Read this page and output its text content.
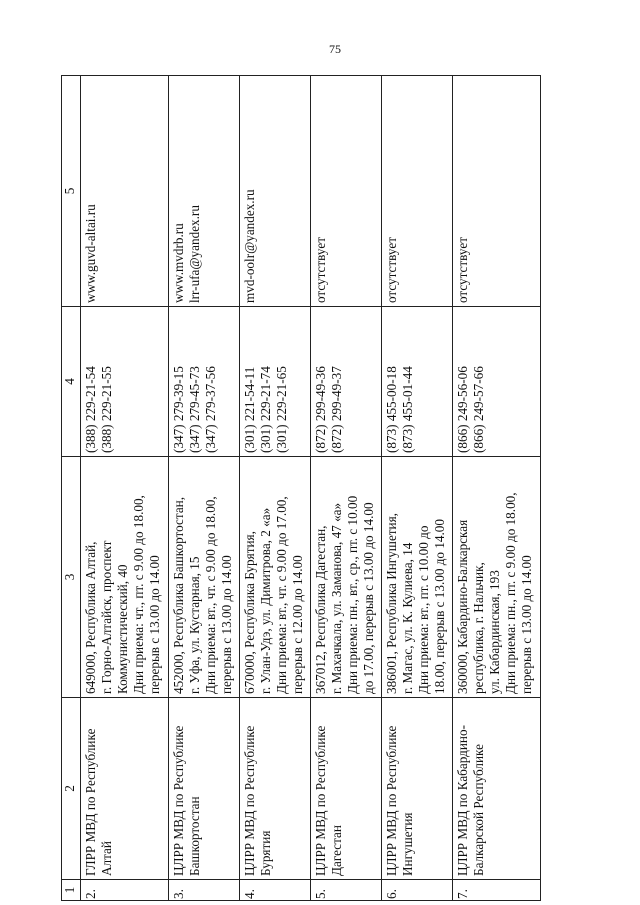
75
1	2	3	4	5

2.	ГЛРР МВД по Республике Алтай	649000, Республика Алтай, г. Горно-Алтайск, проспект Коммунистический, 40 Дни приема: чт., пт. с 9.00 до 18.00, перерыв с 13.00 до 14.00	(388) 229-21-54 (388) 229-21-55	www.guvd-altai.ru

3.	ЦЛРР МВД по Республике Башкортостан	452000, Республика Башкортостан, г. Уфа, ул. Кустарная, 15 Дни приема: вт., чт. с 9.00 до 18.00, перерыв с 13.00 до 14.00	(347) 279-39-15 (347) 279-45-73 (347) 279-37-56	www.mvdrb.ru lrr-ufa@yandex.ru

4.	ЦЛРР МВД по Республике Бурятия	670000, Республика Бурятия, г. Улан-Удэ, ул. Димитрова, 2 «а» Дни приема: вт., чт. с 9.00 до 17.00, перерыв с 12.00 до 14.00	(301) 221-54-11 (301) 229-21-74 (301) 229-21-65	mvd-oolr@yandex.ru

5.	ЦЛРР МВД по Республике Дагестан	367012, Республика Дагестан, г. Махачкала, ул. Заманова, 47 «а» Дни приема: пн., вт., ср., пт. с 10.00 до 17.00, перерыв с 13.00 до 14.00	(872) 299-49-36 (872) 299-49-37	отсутствует

6.	ЦЛРР МВД по Республике Ингушетия	386001, Республика Ингушетия, г. Магас, ул. К. Кулиева, 14 Дни приема: вт., пт. с 10.00 до 18.00, перерыв с 13.00 до 14.00	(873) 455-00-18 (873) 455-01-44	отсутствует

7.	ЦЛРР МВД по Кабардино-Балкарской Республике	360000, Кабардино-Балкарская республика, г. Нальчик, ул. Кабардинская, 193 Дни приема: пн., пт. с 9.00 до 18.00, перерыв с 13.00 до 14.00	(866) 249-56-06 (866) 249-57-66	отсутствует
